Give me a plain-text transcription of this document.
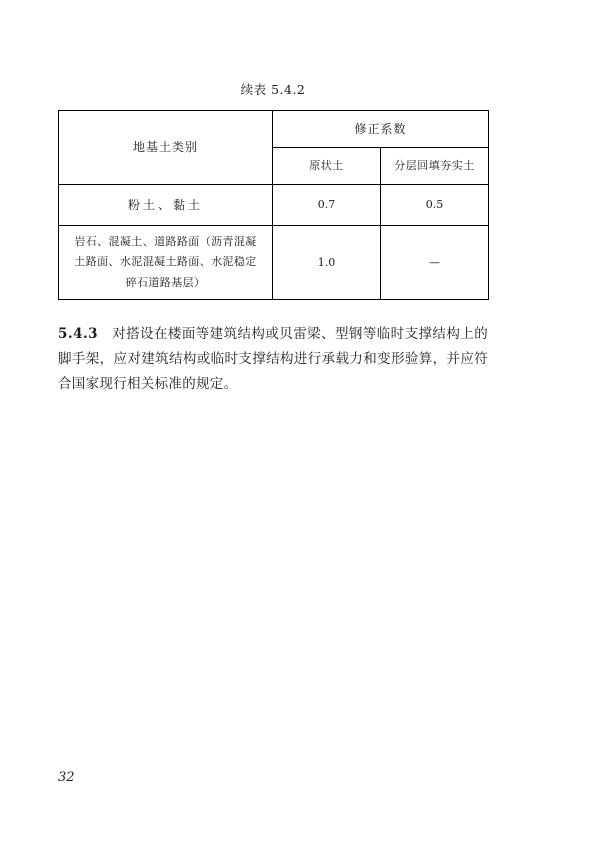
续表 5.4.2
地基土类别	修正系数	
	原状土	分层回填夯实土
粉土、黏土	0.7	0.5
岩石、混凝土、道路路面（沥青混凝土路面、水泥混凝土路面、水泥稳定碎石道路基层）	1.0	—

5.4.3 对搭设在楼面等建筑结构或贝雷梁、型钢等临时支撑结构上的脚手架，应对建筑结构或临时支撑结构进行承载力和变形验算，并应符合国家现行相关标准的规定。

32
